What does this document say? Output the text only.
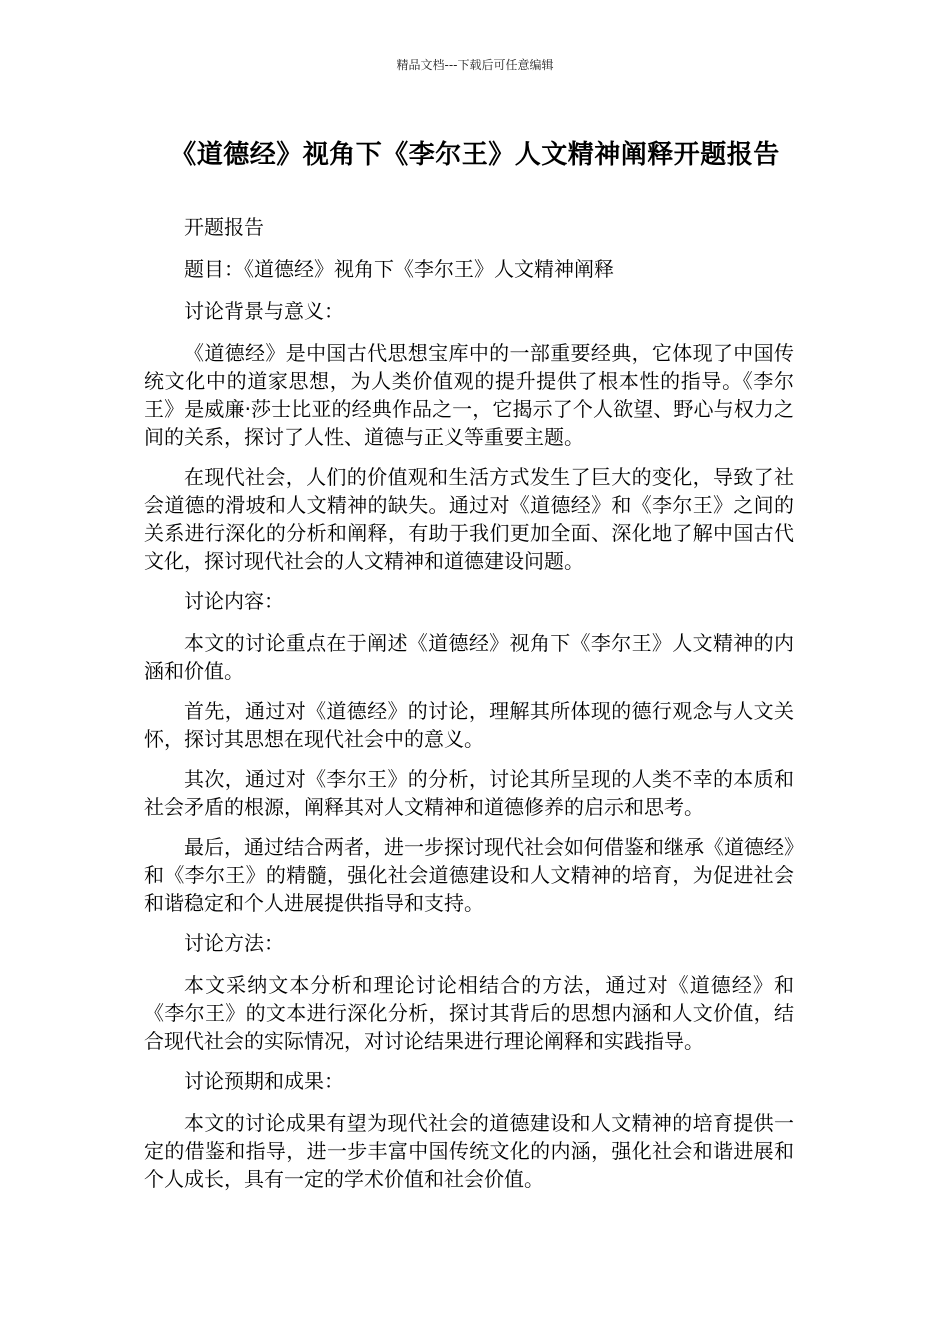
精品文档---下载后可任意编辑
《道德经》视角下《李尔王》人文精神阐释开题报告

开题报告

题目：《道德经》视角下《李尔王》人文精神阐释

讨论背景与意义：

《道德经》是中国古代思想宝库中的一部重要经典，它体现了中国传统文化中的道家思想，为人类价值观的提升提供了根本性的指导。《李尔王》是威廉·莎士比亚的经典作品之一，它揭示了个人欲望、野心与权力之间的关系，探讨了人性、道德与正义等重要主题。

在现代社会，人们的价值观和生活方式发生了巨大的变化，导致了社会道德的滑坡和人文精神的缺失。通过对《道德经》和《李尔王》之间的关系进行深化的分析和阐释，有助于我们更加全面、深化地了解中国古代文化，探讨现代社会的人文精神和道德建设问题。

讨论内容：

本文的讨论重点在于阐述《道德经》视角下《李尔王》人文精神的内涵和价值。

首先，通过对《道德经》的讨论，理解其所体现的德行观念与人文关怀，探讨其思想在现代社会中的意义。

其次，通过对《李尔王》的分析，讨论其所呈现的人类不幸的本质和社会矛盾的根源，阐释其对人文精神和道德修养的启示和思考。

最后，通过结合两者，进一步探讨现代社会如何借鉴和继承《道德经》和《李尔王》的精髓，强化社会道德建设和人文精神的培育，为促进社会和谐稳定和个人进展提供指导和支持。

讨论方法：

本文采纳文本分析和理论讨论相结合的方法，通过对《道德经》和《李尔王》的文本进行深化分析，探讨其背后的思想内涵和人文价值，结合现代社会的实际情况，对讨论结果进行理论阐释和实践指导。

讨论预期和成果：

本文的讨论成果有望为现代社会的道德建设和人文精神的培育提供一定的借鉴和指导，进一步丰富中国传统文化的内涵，强化社会和谐进展和个人成长，具有一定的学术价值和社会价值。
